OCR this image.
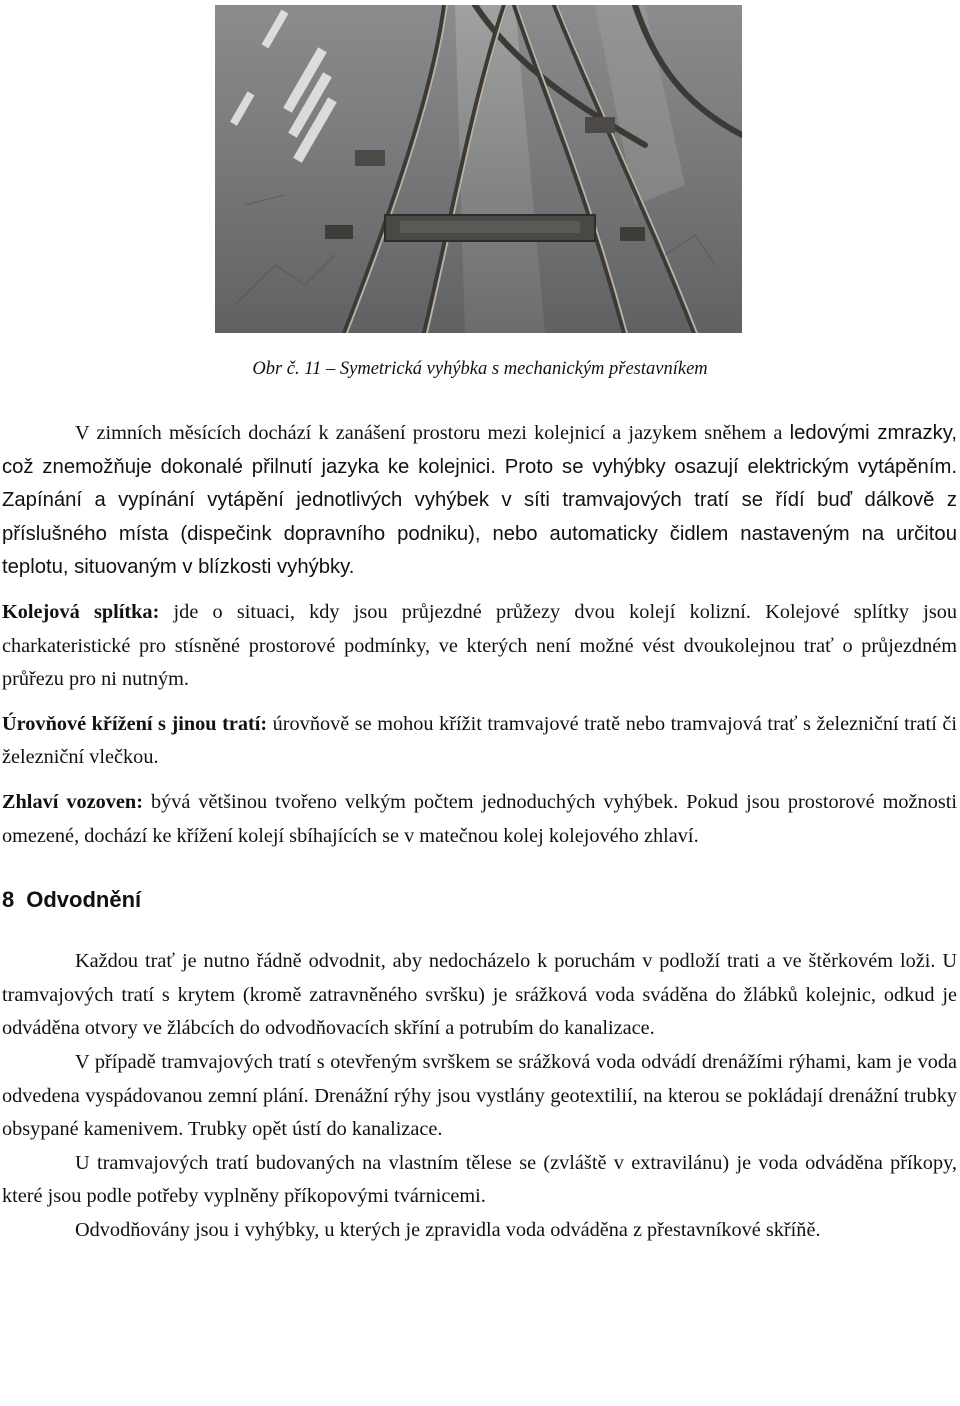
Obr č. 11 – Symetrická vyhýbka s mechanickým přestavníkem

V zimních měsících dochází k zanášení prostoru mezi kolejnicí a jazykem sněhem a ledovými zmrazky, což znemožňuje dokonalé přilnutí jazyka ke kolejnici. Proto se vyhýbky osazují elektrickým vytápěním. Zapínání a vypínání vytápění jednotlivých vyhýbek v síti tramvajových tratí se řídí buď dálkově z příslušného místa (dispečink dopravního podniku), nebo automaticky čidlem nastaveným na určitou teplotu, situovaným v blízkosti vyhýbky.

Kolejová splítka: jde o situaci, kdy jsou průjezdné průžezy dvou kolejí kolizní. Kolejové splítky jsou charkateristické pro stísněné prostorové podmínky, ve kterých není možné vést dvoukolejnou trať o průjezdném průřezu pro ni nutným.

Úrovňové křížení s jinou tratí: úrovňově se mohou křížit tramvajové tratě nebo tramvajová trať s železniční tratí či železniční vlečkou.

Zhlaví vozoven: bývá většinou tvořeno velkým počtem jednoduchých vyhýbek. Pokud jsou prostorové možnosti omezené, dochází ke křížení kolejí sbíhajících se v matečnou kolej kolejového zhlaví.

8 Odvodnění

Každou trať je nutno řádně odvodnit, aby nedocházelo k poruchám v podloží trati a ve štěrkovém loži. U tramvajových tratí s krytem (kromě zatravněného svršku) je srážková voda sváděna do žlábků kolejnic, odkud je odváděna otvory ve žlábcích do odvodňovacích skříní a potrubím do kanalizace.

V případě tramvajových tratí s otevřeným svrškem se srážková voda odvádí drenážími rýhami, kam je voda odvedena vyspádovanou zemní plání. Drenážní rýhy jsou vystlány geotextilií, na kterou se pokládají drenážní trubky obsypané kamenivem. Trubky opět ústí do kanalizace.

U tramvajových tratí budovaných na vlastním tělese se (zvláště v extravilánu) je voda odváděna příkopy, které jsou podle potřeby vyplněny příkopovými tvárnicemi.

Odvodňovány jsou i vyhýbky, u kterých je zpravidla voda odváděna z přestavníkové skříňě.
